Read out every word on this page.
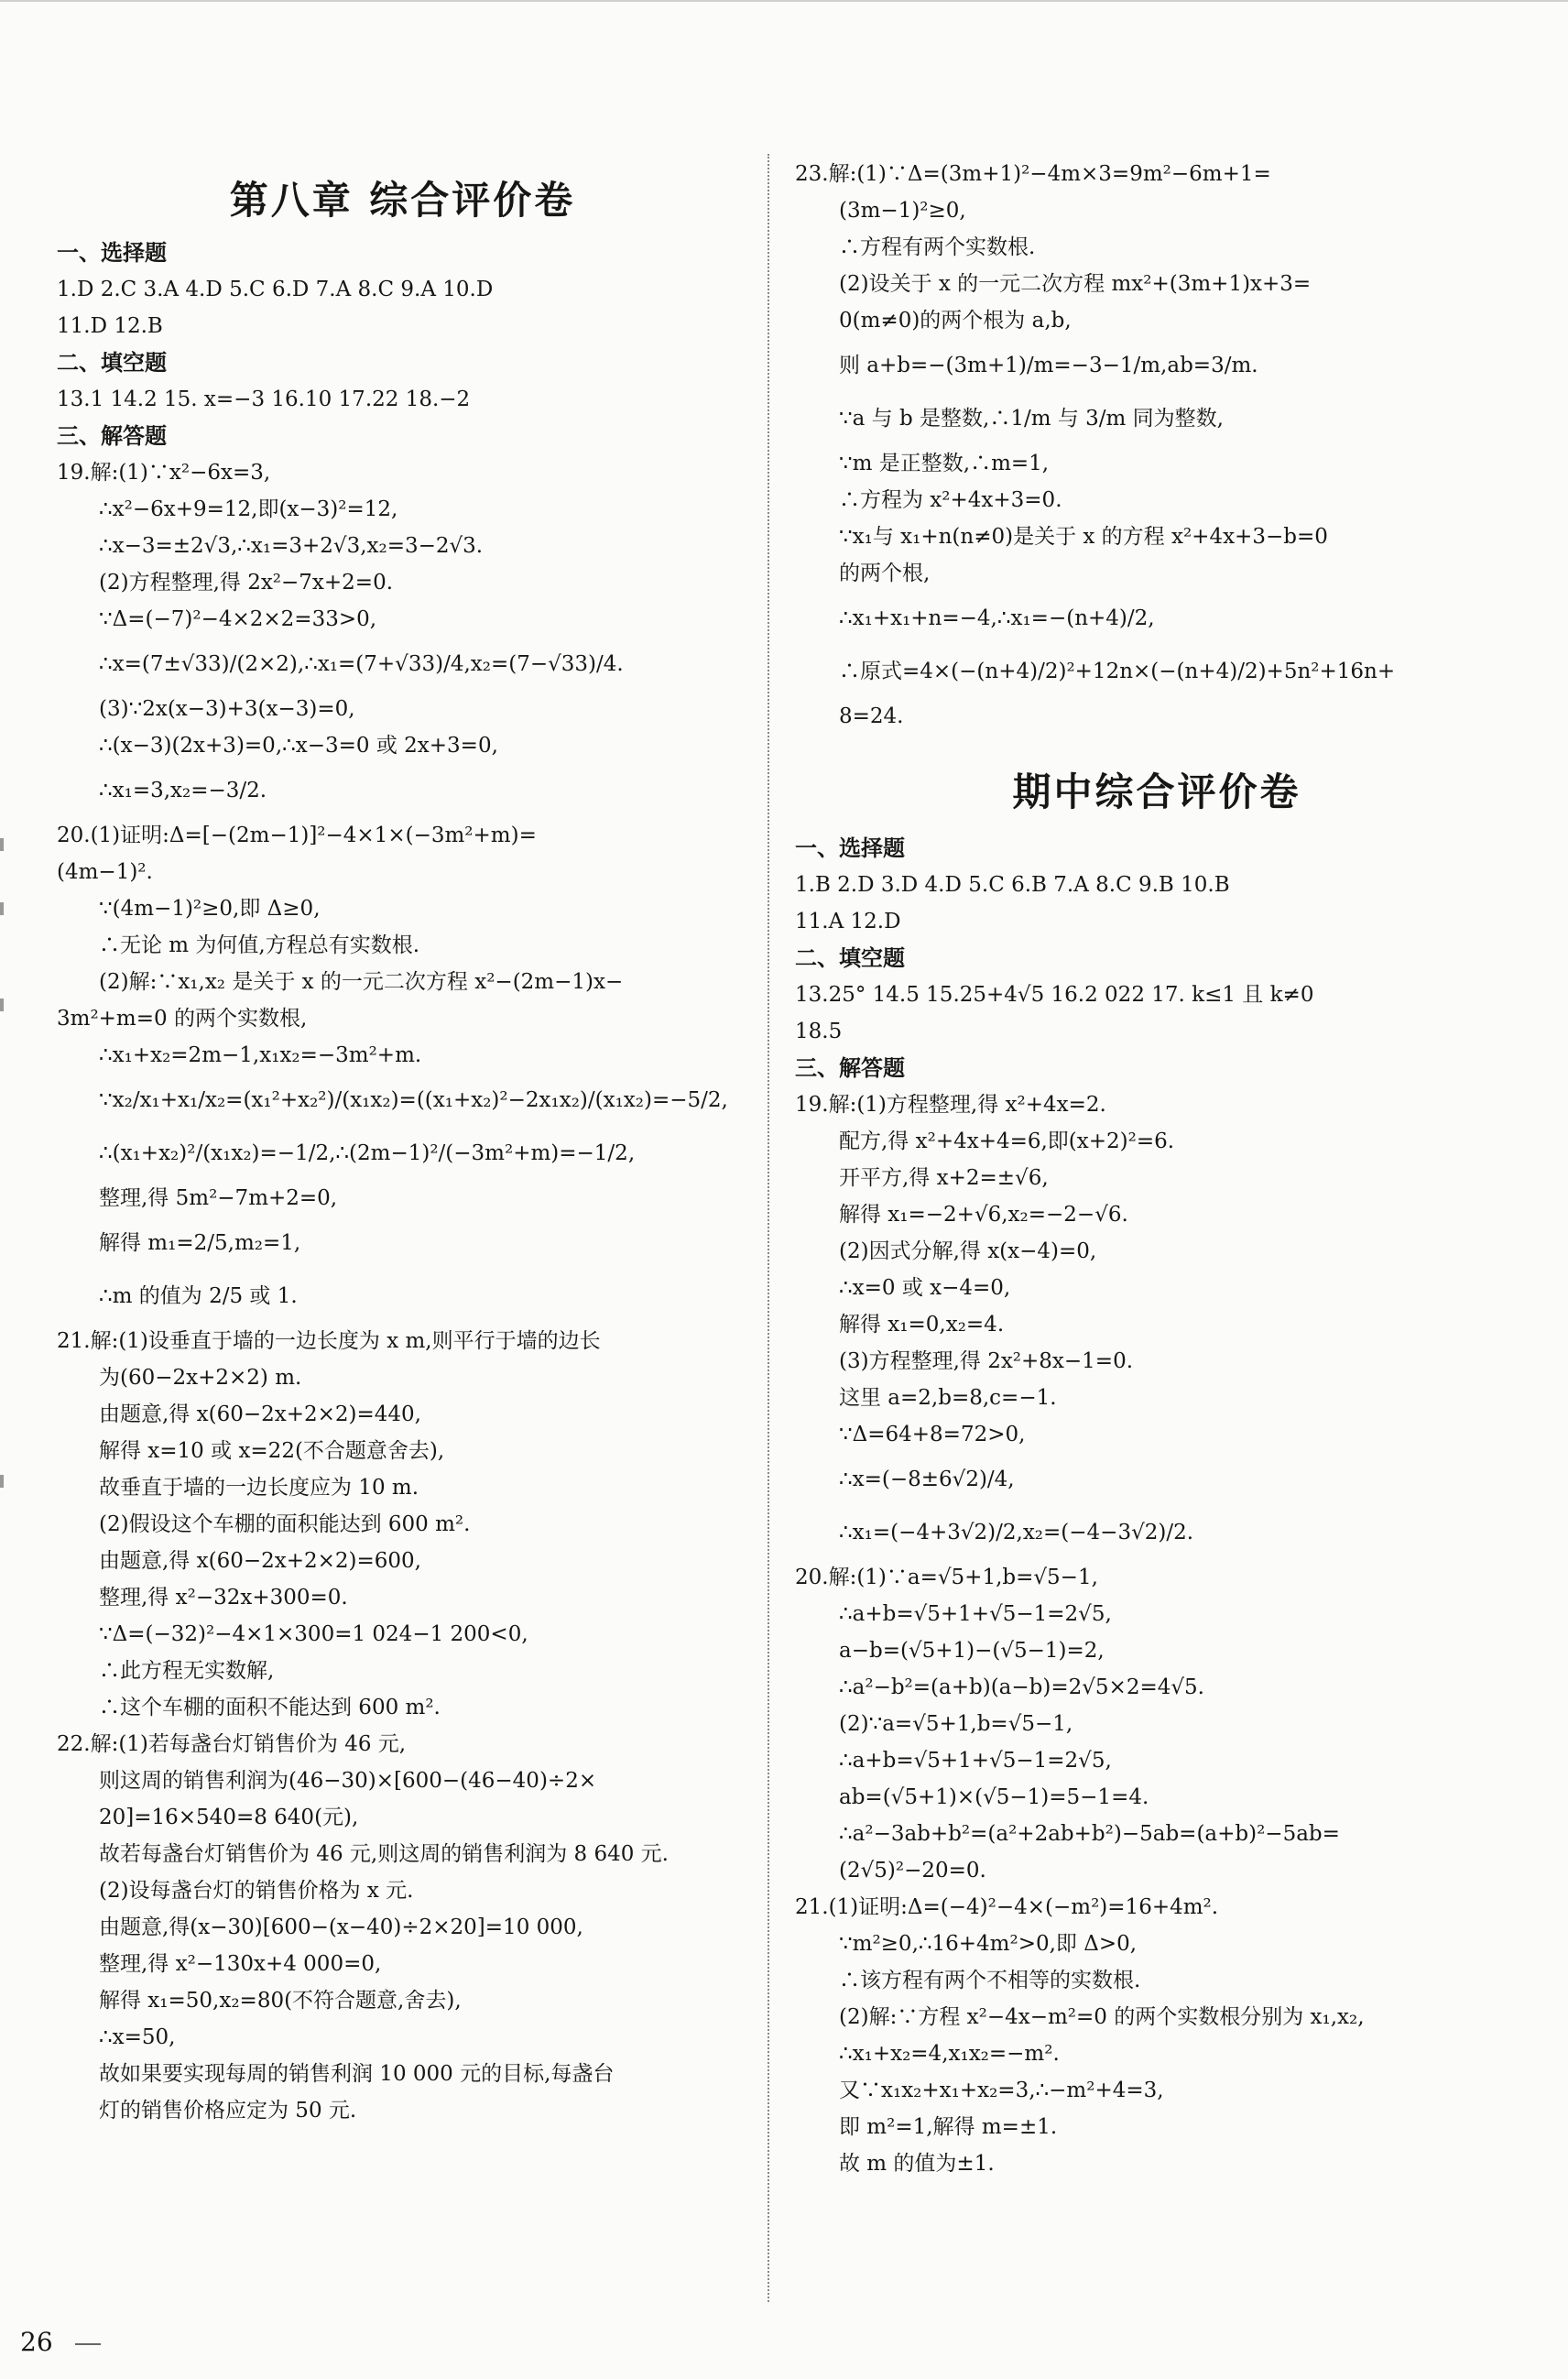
第八章 综合评价卷
一、选择题
1.D 2.C 3.A 4.D 5.C 6.D 7.A 8.C 9.A 10.D
11.D 12.B
二、填空题
13.1 14.2 15. x=−3 16.10 17.22 18.−2
三、解答题
19.解:(1)∵x²−6x=3,
∴x²−6x+9=12,即(x−3)²=12,
∴x−3=±2√3,∴x₁=3+2√3,x₂=3−2√3.
(2)方程整理,得 2x²−7x+2=0.
∵Δ=(−7)²−4×2×2=33>0,
∴x=(7±√33)/(2×2),∴x₁=(7+√33)/4,x₂=(7−√33)/4.
(3)∵2x(x−3)+3(x−3)=0,
∴(x−3)(2x+3)=0,∴x−3=0 或 2x+3=0,
∴x₁=3,x₂=−3/2.
20.(1)证明:Δ=[−(2m−1)]²−4×1×(−3m²+m)=
(4m−1)².
∵(4m−1)²≥0,即 Δ≥0,
∴无论 m 为何值,方程总有实数根.
(2)解:∵x₁,x₂ 是关于 x 的一元二次方程 x²−(2m−1)x−
3m²+m=0 的两个实数根,
∴x₁+x₂=2m−1,x₁x₂=−3m²+m.
∵x₂/x₁+x₁/x₂=(x₁²+x₂²)/(x₁x₂)=((x₁+x₂)²−2x₁x₂)/(x₁x₂)=−5/2,
∴(x₁+x₂)²/(x₁x₂)=−1/2,∴(2m−1)²/(−3m²+m)=−1/2,
整理,得 5m²−7m+2=0,
解得 m₁=2/5,m₂=1,
∴m 的值为 2/5 或 1.
21.解:(1)设垂直于墙的一边长度为 x m,则平行于墙的边长
为(60−2x+2×2) m.
由题意,得 x(60−2x+2×2)=440,
解得 x=10 或 x=22(不合题意舍去),
故垂直于墙的一边长度应为 10 m.
(2)假设这个车棚的面积能达到 600 m².
由题意,得 x(60−2x+2×2)=600,
整理,得 x²−32x+300=0.
∵Δ=(−32)²−4×1×300=1 024−1 200<0,
∴此方程无实数解,
∴这个车棚的面积不能达到 600 m².
22.解:(1)若每盏台灯销售价为 46 元,
则这周的销售利润为(46−30)×[600−(46−40)÷2×
20]=16×540=8 640(元),
故若每盏台灯销售价为 46 元,则这周的销售利润为 8 640 元.
(2)设每盏台灯的销售价格为 x 元.
由题意,得(x−30)[600−(x−40)÷2×20]=10 000,
整理,得 x²−130x+4 000=0,
解得 x₁=50,x₂=80(不符合题意,舍去),
∴x=50,
故如果要实现每周的销售利润 10 000 元的目标,每盏台
灯的销售价格应定为 50 元.
23.解:(1)∵Δ=(3m+1)²−4m×3=9m²−6m+1=
(3m−1)²≥0,
∴方程有两个实数根.
(2)设关于 x 的一元二次方程 mx²+(3m+1)x+3=
0(m≠0)的两个根为 a,b,
则 a+b=−(3m+1)/m=−3−1/m,ab=3/m.
∵a 与 b 是整数,∴1/m 与 3/m 同为整数,
∵m 是正整数,∴m=1,
∴方程为 x²+4x+3=0.
∵x₁与 x₁+n(n≠0)是关于 x 的方程 x²+4x+3−b=0
的两个根,
∴x₁+x₁+n=−4,∴x₁=−(n+4)/2,
∴原式=4×(−(n+4)/2)²+12n×(−(n+4)/2)+5n²+16n+
8=24.
期中综合评价卷
一、选择题
1.B 2.D 3.D 4.D 5.C 6.B 7.A 8.C 9.B 10.B
11.A 12.D
二、填空题
13.25° 14.5 15.25+4√5 16.2 022 17. k≤1 且 k≠0
18.5
三、解答题
19.解:(1)方程整理,得 x²+4x=2.
配方,得 x²+4x+4=6,即(x+2)²=6.
开平方,得 x+2=±√6,
解得 x₁=−2+√6,x₂=−2−√6.
(2)因式分解,得 x(x−4)=0,
∴x=0 或 x−4=0,
解得 x₁=0,x₂=4.
(3)方程整理,得 2x²+8x−1=0.
这里 a=2,b=8,c=−1.
∵Δ=64+8=72>0,
∴x=(−8±6√2)/4,
∴x₁=(−4+3√2)/2,x₂=(−4−3√2)/2.
20.解:(1)∵a=√5+1,b=√5−1,
∴a+b=√5+1+√5−1=2√5,
a−b=(√5+1)−(√5−1)=2,
∴a²−b²=(a+b)(a−b)=2√5×2=4√5.
(2)∵a=√5+1,b=√5−1,
∴a+b=√5+1+√5−1=2√5,
ab=(√5+1)×(√5−1)=5−1=4.
∴a²−3ab+b²=(a²+2ab+b²)−5ab=(a+b)²−5ab=
(2√5)²−20=0.
21.(1)证明:Δ=(−4)²−4×(−m²)=16+4m².
∵m²≥0,∴16+4m²>0,即 Δ>0,
∴该方程有两个不相等的实数根.
(2)解:∵方程 x²−4x−m²=0 的两个实数根分别为 x₁,x₂,
∴x₁+x₂=4,x₁x₂=−m².
又∵x₁x₂+x₁+x₂=3,∴−m²+4=3,
即 m²=1,解得 m=±1.
故 m 的值为±1.
26
